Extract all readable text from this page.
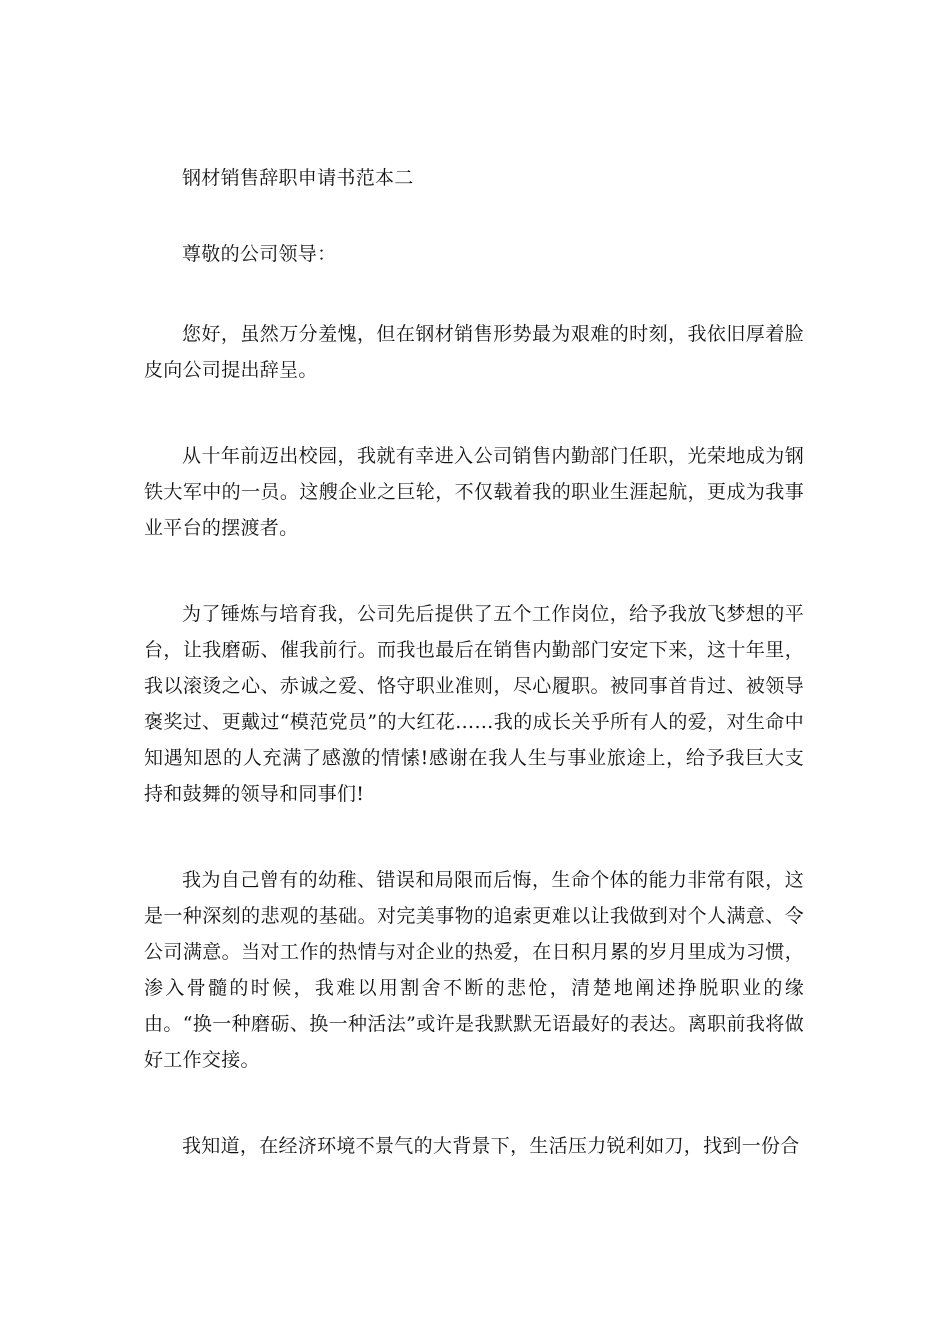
钢材销售辞职申请书范本二

尊敬的公司领导：

您好，虽然万分羞愧，但在钢材销售形势最为艰难的时刻，我依旧厚着脸皮向公司提出辞呈。

从十年前迈出校园，我就有幸进入公司销售内勤部门任职，光荣地成为钢铁大军中的一员。这艘企业之巨轮，不仅载着我的职业生涯起航，更成为我事业平台的摆渡者。

为了锤炼与培育我，公司先后提供了五个工作岗位，给予我放飞梦想的平台，让我磨砺、催我前行。而我也最后在销售内勤部门安定下来，这十年里，我以滚烫之心、赤诚之爱、恪守职业准则，尽心履职。被同事首肯过、被领导褒奖过、更戴过“模范党员”的大红花……我的成长关乎所有人的爱，对生命中知遇知恩的人充满了感激的情愫!感谢在我人生与事业旅途上，给予我巨大支持和鼓舞的领导和同事们!

我为自己曾有的幼稚、错误和局限而后悔，生命个体的能力非常有限，这是一种深刻的悲观的基础。对完美事物的追索更难以让我做到对个人满意、令公司满意。当对工作的热情与对企业的热爱，在日积月累的岁月里成为习惯，渗入骨髓的时候，我难以用割舍不断的悲怆，清楚地阐述挣脱职业的缘由。“换一种磨砺、换一种活法”或许是我默默无语最好的表达。离职前我将做好工作交接。

我知道，在经济环境不景气的大背景下，生活压力锐利如刀，找到一份合
